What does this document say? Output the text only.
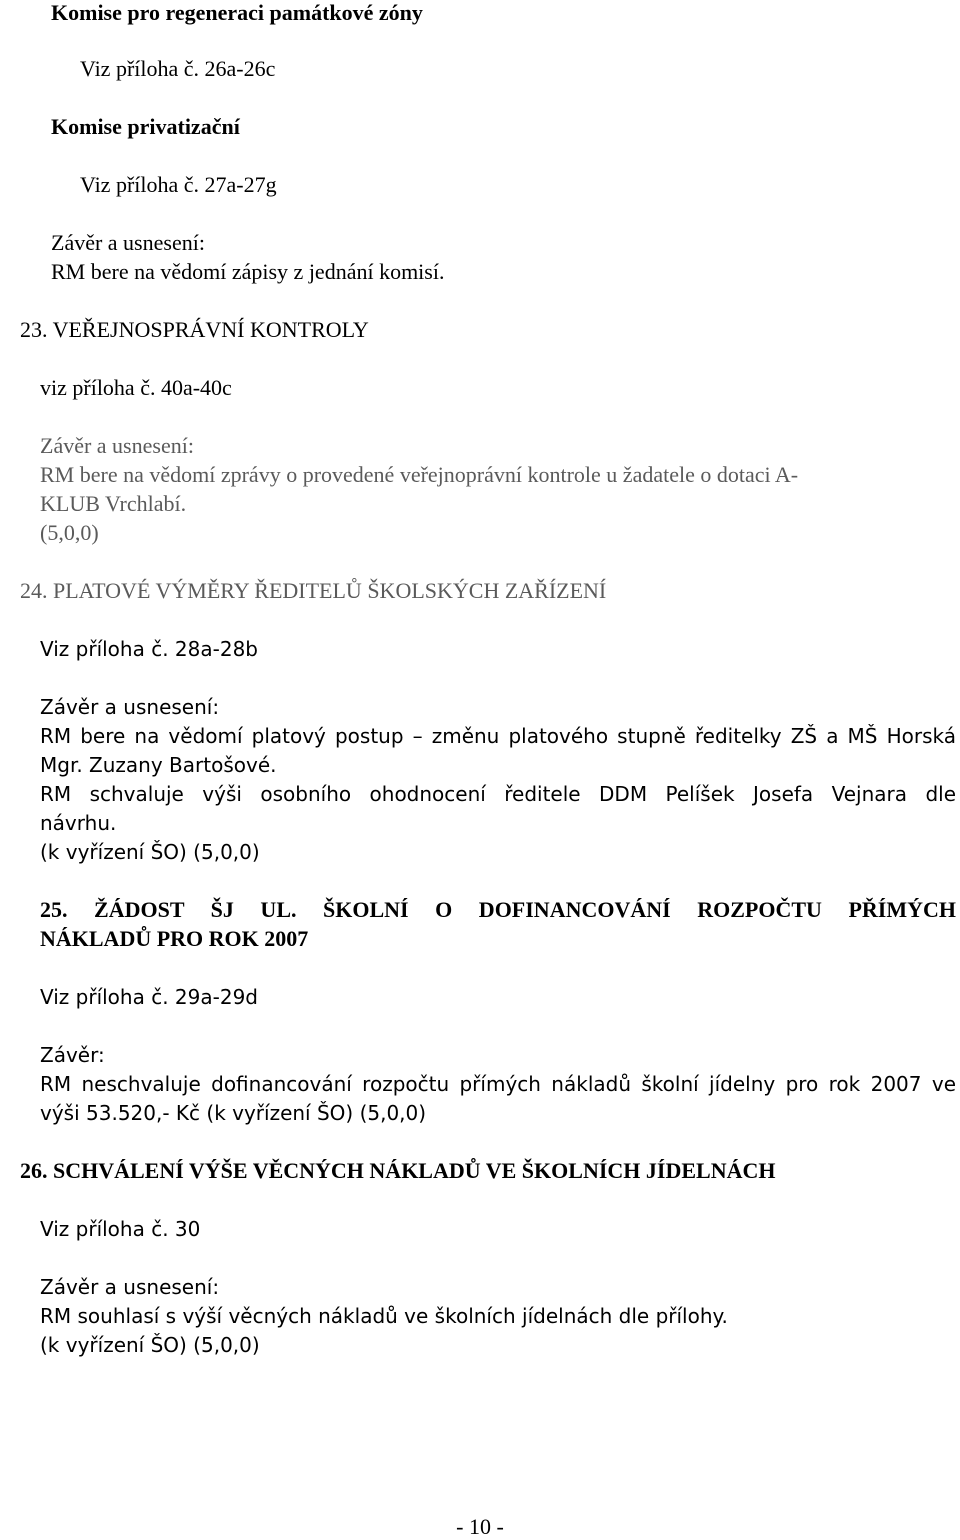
Komise pro regeneraci památkové zóny
Viz příloha č. 26a-26c
Komise privatizační
Viz příloha č. 27a-27g
Závěr a usnesení:
RM bere na vědomí zápisy z jednání komisí.
23. VEŘEJNOSPRÁVNÍ KONTROLY
viz příloha č. 40a-40c
Závěr a usnesení:
RM bere na vědomí zprávy o provedené veřejnoprávní kontrole u žadatele o dotaci A-
KLUB Vrchlabí.
(5,0,0)
24. PLATOVÉ VÝMĚRY ŘEDITELŮ ŠKOLSKÝCH ZAŘÍZENÍ
Viz příloha č. 28a-28b
Závěr a usnesení:
RM bere na vědomí platový postup – změnu platového stupně ředitelky ZŠ a MŠ Horská
Mgr. Zuzany Bartošové.
RM schvaluje výši osobního ohodnocení ředitele DDM Pelíšek Josefa Vejnara dle
návrhu.
(k vyřízení ŠO) (5,0,0)
25. ŽÁDOST ŠJ UL. ŠKOLNÍ O DOFINANCOVÁNÍ ROZPOČTU PŘÍMÝCH
NÁKLADŮ PRO ROK 2007
Viz příloha č. 29a-29d
Závěr:
RM neschvaluje dofinancování rozpočtu přímých nákladů školní jídelny pro rok 2007 ve
výši 53.520,- Kč (k vyřízení ŠO) (5,0,0)
26. SCHVÁLENÍ VÝŠE VĚCNÝCH NÁKLADŮ VE ŠKOLNÍCH JÍDELNÁCH
Viz příloha č. 30
Závěr a usnesení:
RM souhlasí s výší věcných nákladů ve školních jídelnách dle přílohy.
(k vyřízení ŠO) (5,0,0)
- 10 -
